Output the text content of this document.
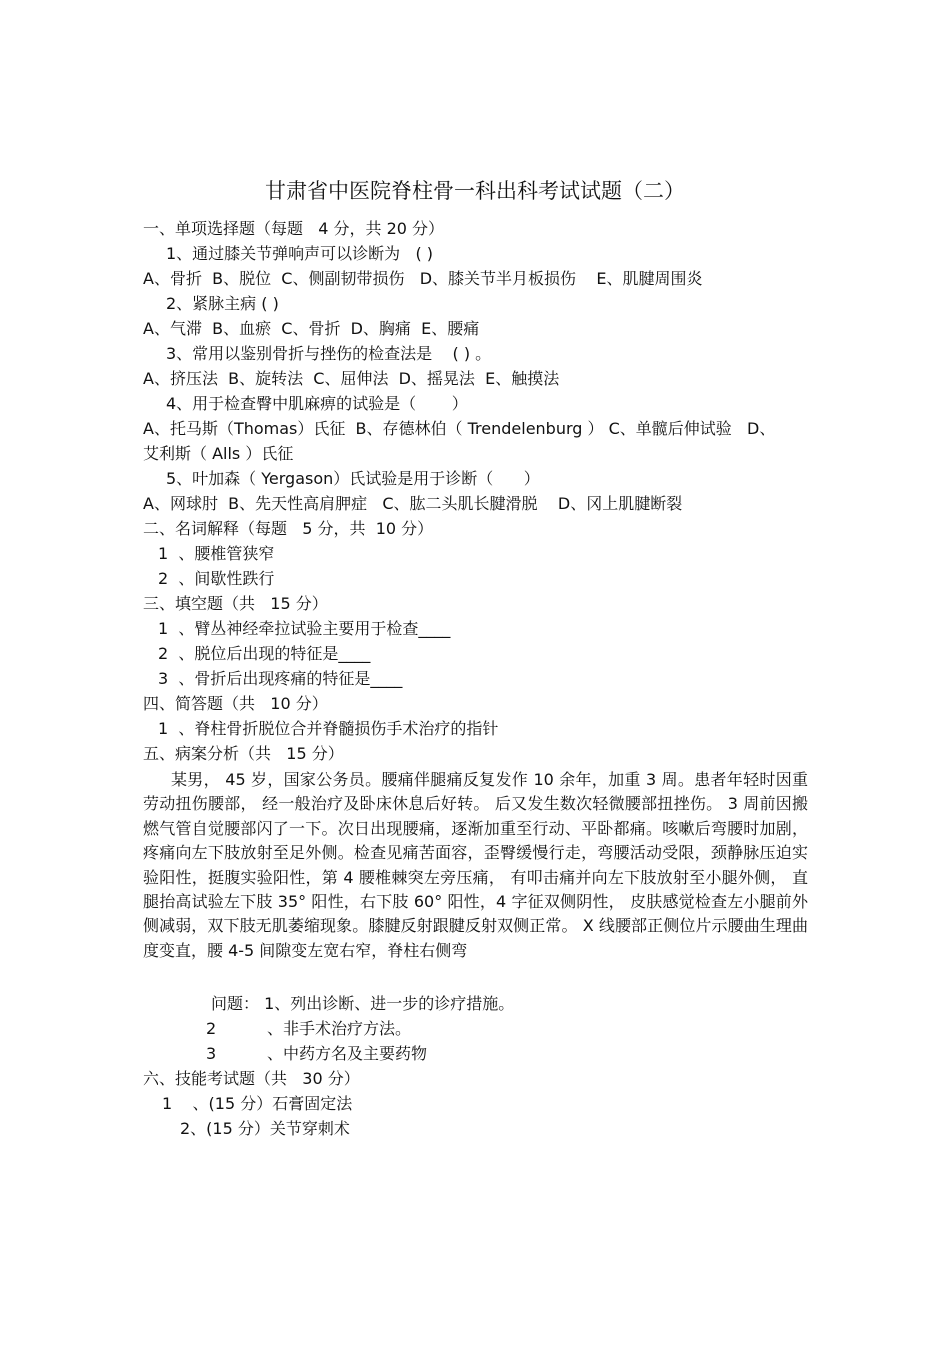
甘肃省中医院脊柱骨一科出科考试试题（二）
一、单项选择题（每题   4 分，共 20 分）
1、通过膝关节弹响声可以诊断为   ( )
A、骨折  B、脱位  C、侧副韧带损伤   D、膝关节半月板损伤    E、肌腱周围炎
2、紧脉主病 ( )
A、气滞  B、血瘀  C、骨折  D、胸痛  E、腰痛
3、常用以鉴别骨折与挫伤的检查法是    ( ) 。
A、挤压法  B、旋转法  C、屈伸法  D、摇晃法  E、触摸法
4、用于检查臀中肌麻痹的试验是（       ）
A、托马斯（Thomas）氏征  B、存德林伯（ Trendelenburg ） C、单髋后伸试验   D、
艾利斯（ Alls ）氏征
5、叶加森（ Yergason）氏试验是用于诊断（      ）
A、网球肘  B、先天性高肩胛症   C、肱二头肌长腱滑脱    D、冈上肌腱断裂
二、名词解释（每题   5 分，共  10 分）
1  、腰椎管狭窄
2  、间歇性跌行
三、填空题（共   15 分）
1  、臂丛神经牵拉试验主要用于检查____
2  、脱位后出现的特征是____
3  、骨折后出现疼痛的特征是____
四、简答题（共   10 分）
1  、脊柱骨折脱位合并脊髓损伤手术治疗的指针
五、病案分析（共   15 分）
某男， 45 岁，国家公务员。腰痛伴腿痛反复发作 10 余年，加重 3 周。患者年轻时因重劳动扭伤腰部， 经一般治疗及卧床休息后好转。 后又发生数次轻微腰部扭挫伤。 3 周前因搬燃气管自觉腰部闪了一下。次日出现腰痛，逐渐加重至行动、平卧都痛。咳嗽后弯腰时加剧，疼痛向左下肢放射至足外侧。检查见痛苦面容，歪臀缓慢行走，弯腰活动受限，颈静脉压迫实验阳性，挺腹实验阳性，第 4 腰椎棘突左旁压痛， 有叩击痛并向左下肢放射至小腿外侧， 直腿抬高试验左下肢 35° 阳性，右下肢 60° 阳性，4 字征双侧阴性， 皮肤感觉检查左小腿前外侧减弱，双下肢无肌萎缩现象。膝腱反射跟腱反射双侧正常。 X 线腰部正侧位片示腰曲生理曲度变直，腰 4-5 间隙变左宽右窄，脊柱右侧弯
问题： 1、列出诊断、进一步的诊疗措施。
2          、非手术治疗方法。
3          、中药方名及主要药物
六、技能考试题（共   30 分）
1    、(15 分）石膏固定法
2、(15 分）关节穿刺术
